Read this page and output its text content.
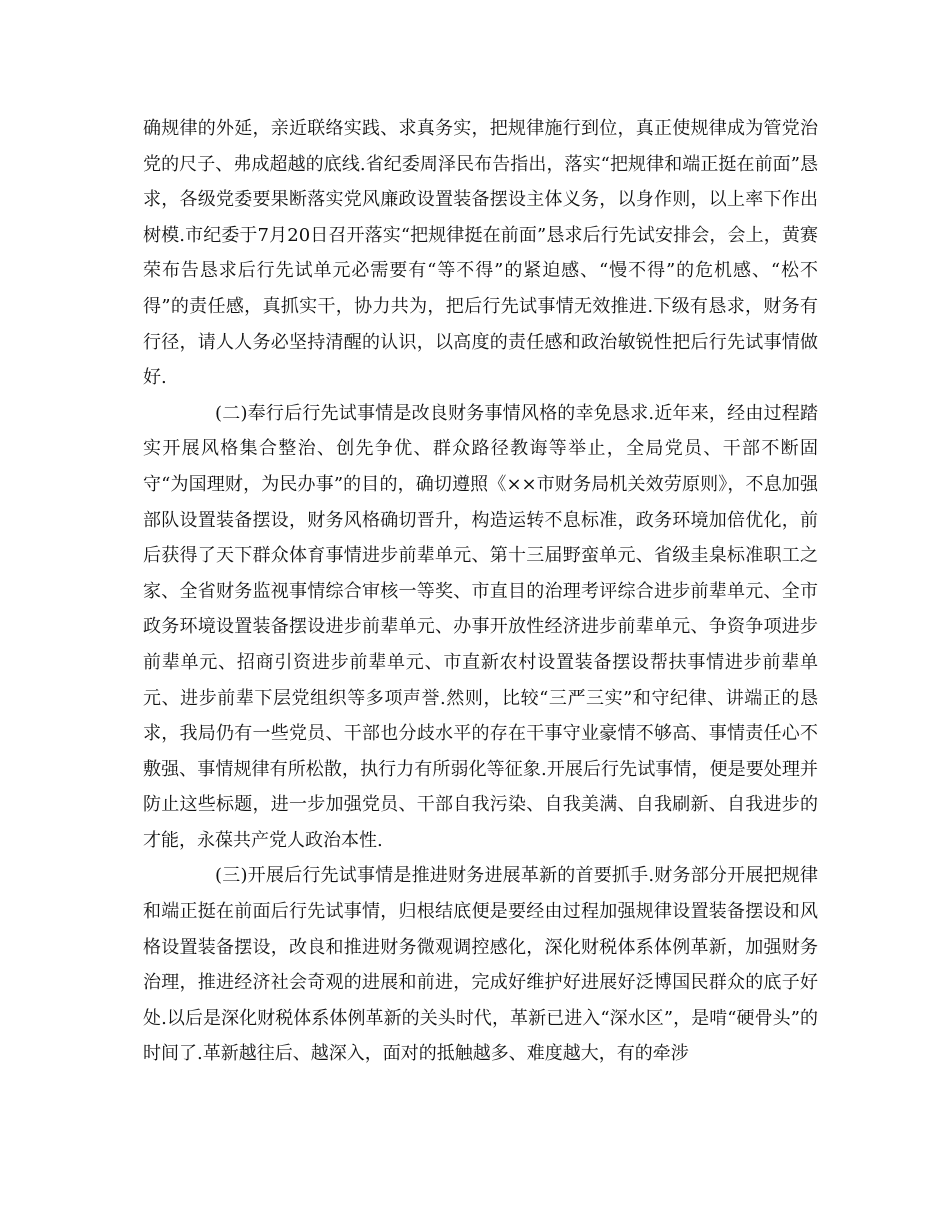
确规律的外延，亲近联络实践、求真务实，把规律施行到位，真正使规律成为管党治党的尺子、弗成超越的底线.省纪委周泽民布告指出，落实“把规律和端正挺在前面”恳求，各级党委要果断落实党风廉政设置装备摆设主体义务，以身作则，以上率下作出树模.市纪委于7月20日召开落实“把规律挺在前面”恳求后行先试安排会，会上，黄赛荣布告恳求后行先试单元必需要有“等不得”的紧迫感、“慢不得”的危机感、“松不得”的责任感，真抓实干，协力共为，把后行先试事情无效推进.下级有恳求，财务有行径，请人人务必坚持清醒的认识，以高度的责任感和政治敏锐性把后行先试事情做好.

(二)奉行后行先试事情是改良财务事情风格的幸免恳求.近年来，经由过程踏实开展风格集合整治、创先争优、群众路径教诲等举止，全局党员、干部不断固守“为国理财，为民办事”的目的，确切遵照《××市财务局机关效劳原则》，不息加强部队设置装备摆设，财务风格确切晋升，构造运转不息标准，政务环境加倍优化，前后获得了天下群众体育事情进步前辈单元、第十三届野蛮单元、省级圭臬标准职工之家、全省财务监视事情综合审核一等奖、市直目的治理考评综合进步前辈单元、全市政务环境设置装备摆设进步前辈单元、办事开放性经济进步前辈单元、争资争项进步前辈单元、招商引资进步前辈单元、市直新农村设置装备摆设帮扶事情进步前辈单元、进步前辈下层党组织等多项声誉.然则，比较“三严三实”和守纪律、讲端正的恳求，我局仍有一些党员、干部也分歧水平的存在干事守业豪情不够高、事情责任心不敷强、事情规律有所松散，执行力有所弱化等征象.开展后行先试事情，便是要处理并防止这些标题，进一步加强党员、干部自我污染、自我美满、自我刷新、自我进步的才能，永葆共产党人政治本性.

(三)开展后行先试事情是推进财务进展革新的首要抓手.财务部分开展把规律和端正挺在前面后行先试事情，归根结底便是要经由过程加强规律设置装备摆设和风格设置装备摆设，改良和推进财务微观调控感化，深化财税体系体例革新，加强财务治理，推进经济社会奇观的进展和前进，完成好维护好进展好泛博国民群众的底子好处.以后是深化财税体系体例革新的关头时代，革新已进入“深水区”，是啃“硬骨头”的时间了.革新越往后、越深入，面对的抵触越多、难度越大，有的牵涉
